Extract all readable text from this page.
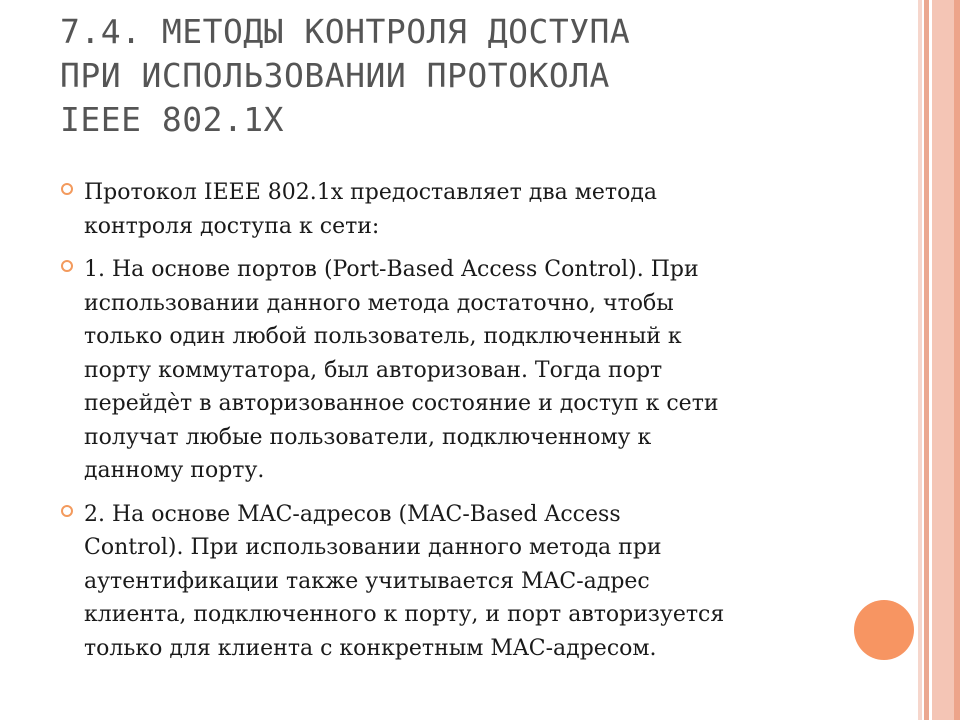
7.4. МЕТОДЫ КОНТРОЛЯ ДОСТУПА
ПРИ ИСПОЛЬЗОВАНИИ ПРОТОКОЛА
IEEE 802.1X
Протокол IEEE 802.1x предоставляет два метода
контроля доступа к сети:
1. На основе портов (Port-Based Access Control). При
использовании данного метода достаточно, чтобы
только один любой пользователь, подключенный к
порту коммутатора, был авторизован. Тогда порт
перейдѐт в авторизованное состояние и доступ к сети
получат любые пользователи, подключенному к
данному порту.
2. На основе MAC-адресов (MAC-Based Access
Control). При использовании данного метода при
аутентификации также учитывается MAC-адрес
клиента, подключенного к порту, и порт авторизуется
только для клиента с конкретным MAC-адресом.
